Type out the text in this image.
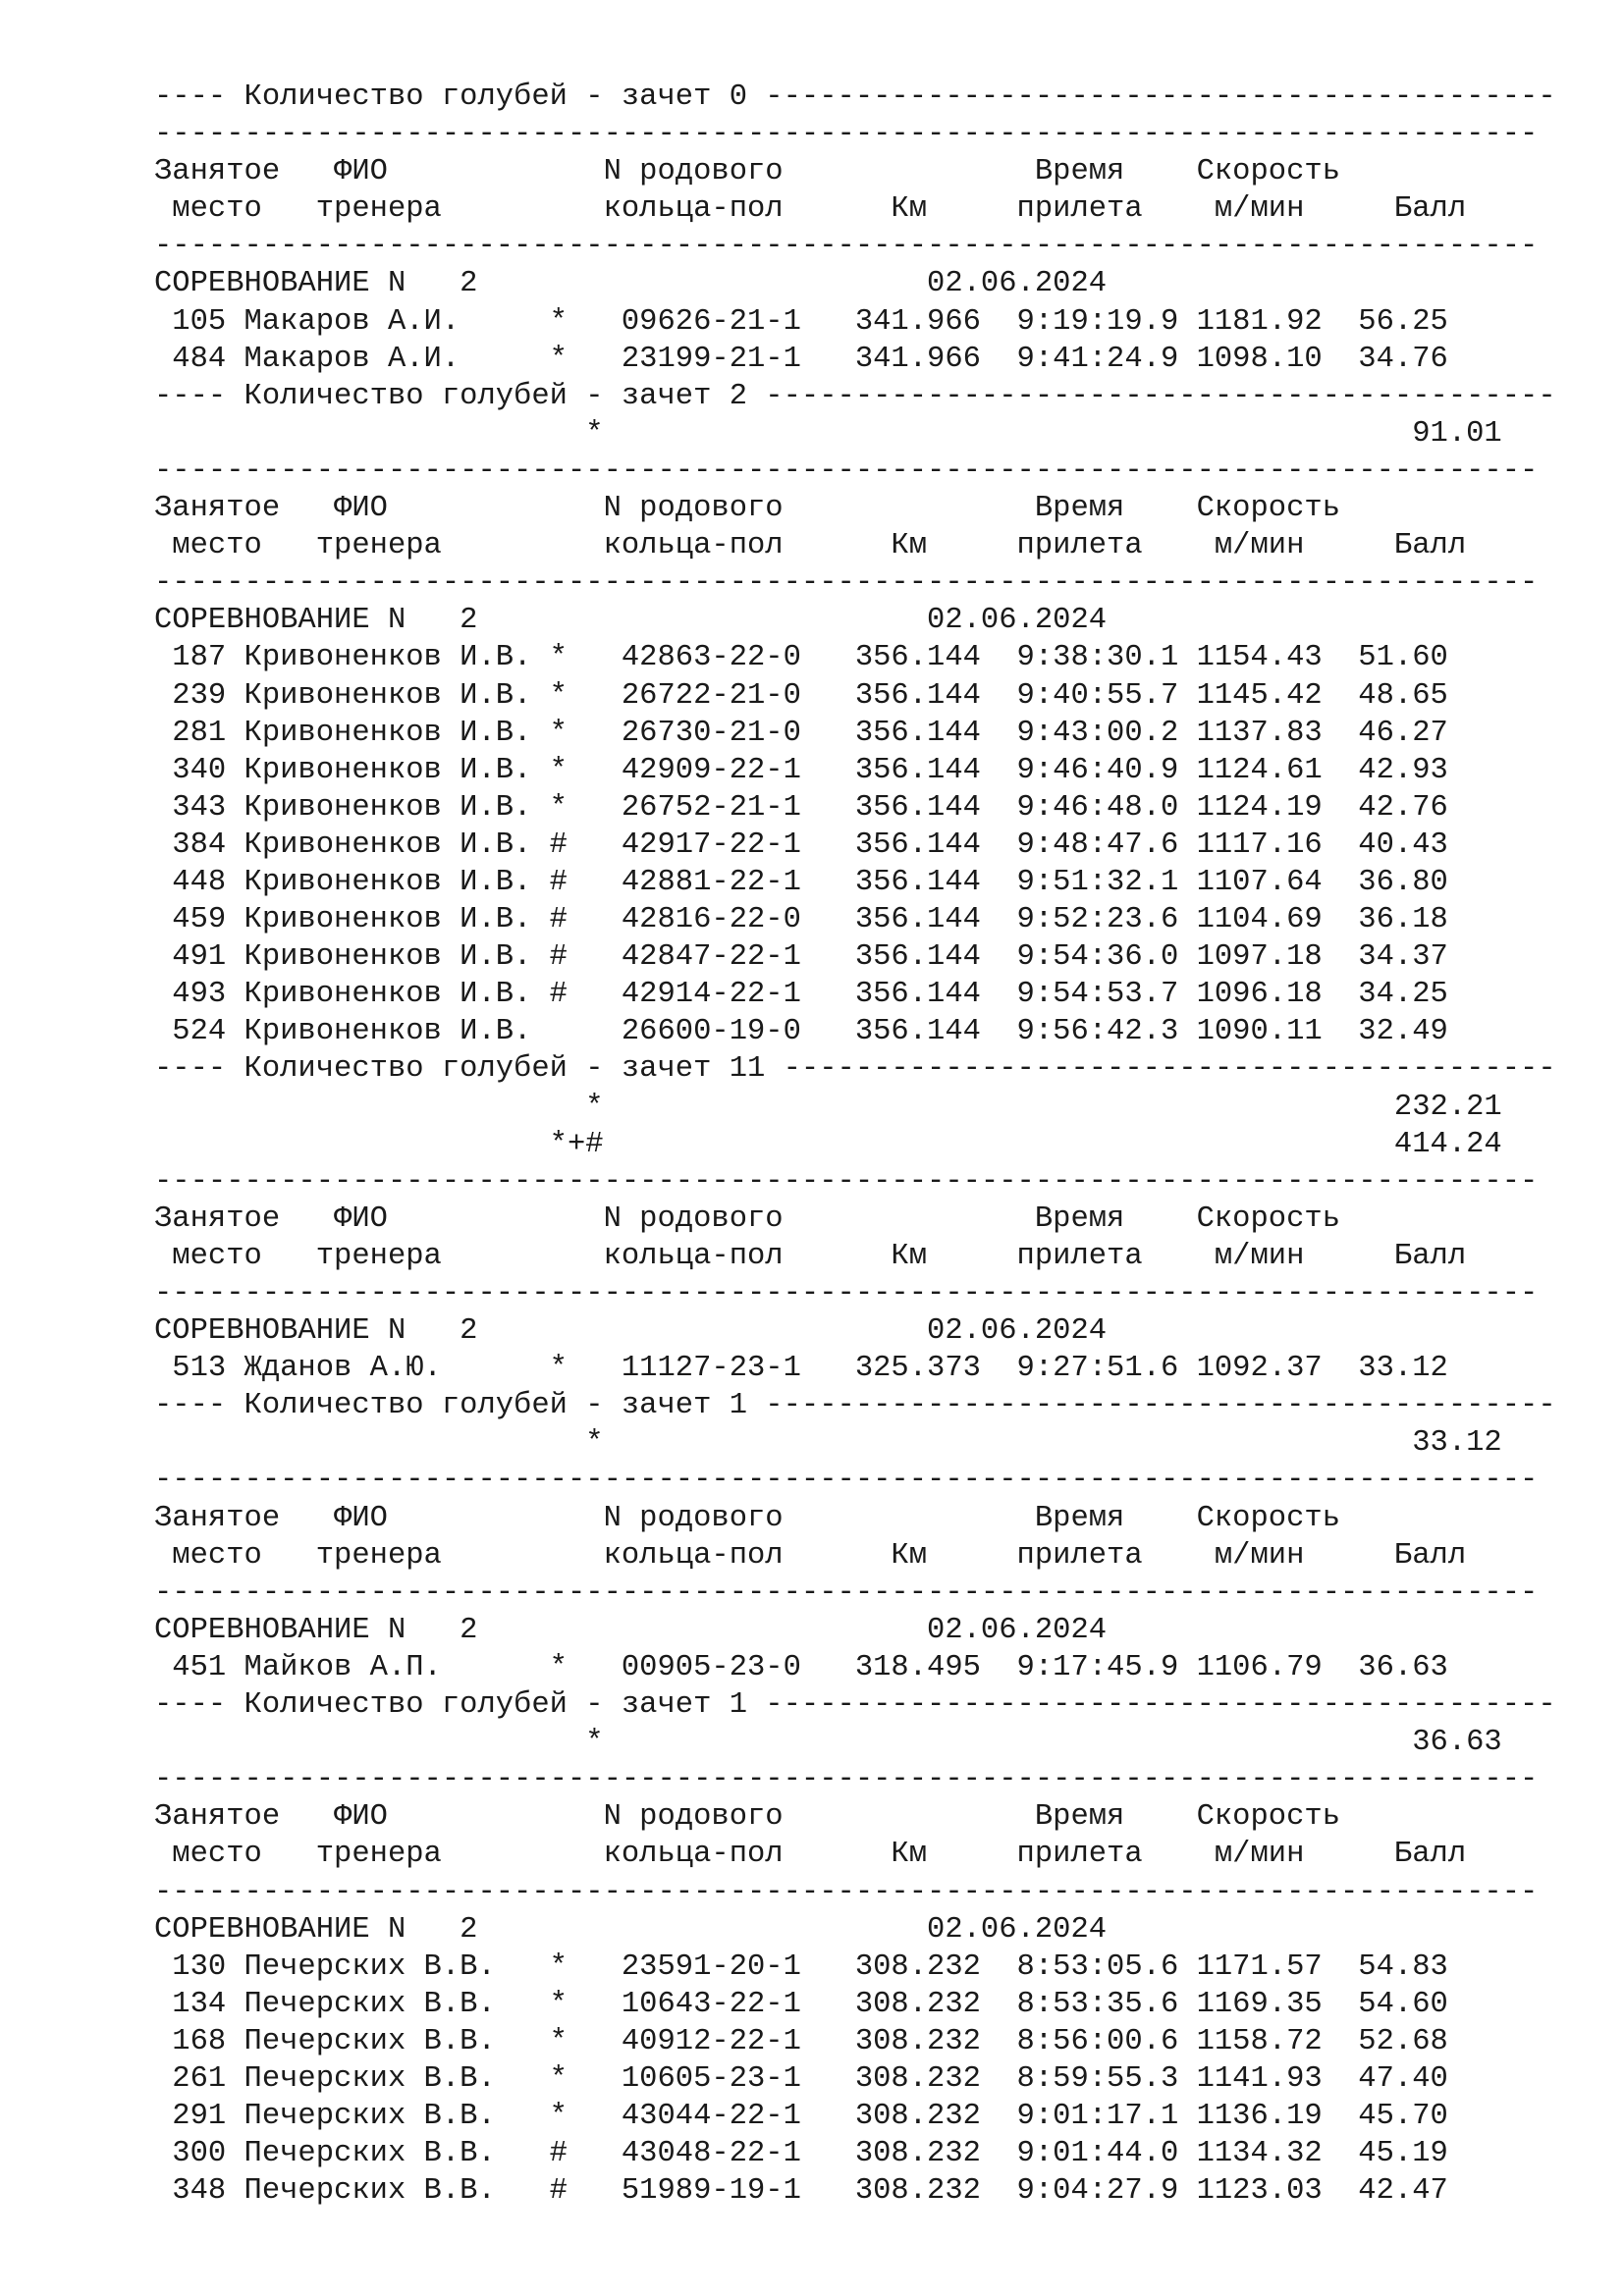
---- Количество голубей - зачет 0 --------------------------------------------
-----------------------------------------------------------------------------
Занятое   ФИО            N родового              Время    Скорость
место   тренера         кольца-пол      Км     прилета    м/мин     Балл
-----------------------------------------------------------------------------
СОРЕВНОВАНИЕ N   2                         02.06.2024
105 Макаров А.И.     *   09626-21-1   341.966  9:19:19.9 1181.92  56.25
484 Макаров А.И.     *   23199-21-1   341.966  9:41:24.9 1098.10  34.76
---- Количество голубей - зачет 2 --------------------------------------------
*                                             91.01
-----------------------------------------------------------------------------
Занятое   ФИО            N родового              Время    Скорость
место   тренера         кольца-пол      Км     прилета    м/мин     Балл
-----------------------------------------------------------------------------
СОРЕВНОВАНИЕ N   2                         02.06.2024
187 Кривоненков И.В. *   42863-22-0   356.144  9:38:30.1 1154.43  51.60
239 Кривоненков И.В. *   26722-21-0   356.144  9:40:55.7 1145.42  48.65
281 Кривоненков И.В. *   26730-21-0   356.144  9:43:00.2 1137.83  46.27
340 Кривоненков И.В. *   42909-22-1   356.144  9:46:40.9 1124.61  42.93
343 Кривоненков И.В. *   26752-21-1   356.144  9:46:48.0 1124.19  42.76
384 Кривоненков И.В. #   42917-22-1   356.144  9:48:47.6 1117.16  40.43
448 Кривоненков И.В. #   42881-22-1   356.144  9:51:32.1 1107.64  36.80
459 Кривоненков И.В. #   42816-22-0   356.144  9:52:23.6 1104.69  36.18
491 Кривоненков И.В. #   42847-22-1   356.144  9:54:36.0 1097.18  34.37
493 Кривоненков И.В. #   42914-22-1   356.144  9:54:53.7 1096.18  34.25
524 Кривоненков И.В.     26600-19-0   356.144  9:56:42.3 1090.11  32.49
---- Количество голубей - зачет 11 -------------------------------------------
*                                            232.21
*+#                                            414.24
-----------------------------------------------------------------------------
Занятое   ФИО            N родового              Время    Скорость
место   тренера         кольца-пол      Км     прилета    м/мин     Балл
-----------------------------------------------------------------------------
СОРЕВНОВАНИЕ N   2                         02.06.2024
513 Жданов А.Ю.      *   11127-23-1   325.373  9:27:51.6 1092.37  33.12
---- Количество голубей - зачет 1 --------------------------------------------
*                                             33.12
-----------------------------------------------------------------------------
Занятое   ФИО            N родового              Время    Скорость
место   тренера         кольца-пол      Км     прилета    м/мин     Балл
-----------------------------------------------------------------------------
СОРЕВНОВАНИЕ N   2                         02.06.2024
451 Майков А.П.      *   00905-23-0   318.495  9:17:45.9 1106.79  36.63
---- Количество голубей - зачет 1 --------------------------------------------
*                                             36.63
-----------------------------------------------------------------------------
Занятое   ФИО            N родового              Время    Скорость
место   тренера         кольца-пол      Км     прилета    м/мин     Балл
-----------------------------------------------------------------------------
СОРЕВНОВАНИЕ N   2                         02.06.2024
130 Печерских В.В.   *   23591-20-1   308.232  8:53:05.6 1171.57  54.83
134 Печерских В.В.   *   10643-22-1   308.232  8:53:35.6 1169.35  54.60
168 Печерских В.В.   *   40912-22-1   308.232  8:56:00.6 1158.72  52.68
261 Печерских В.В.   *   10605-23-1   308.232  8:59:55.3 1141.93  47.40
291 Печерских В.В.   *   43044-22-1   308.232  9:01:17.1 1136.19  45.70
300 Печерских В.В.   #   43048-22-1   308.232  9:01:44.0 1134.32  45.19
348 Печерских В.В.   #   51989-19-1   308.232  9:04:27.9 1123.03  42.47
